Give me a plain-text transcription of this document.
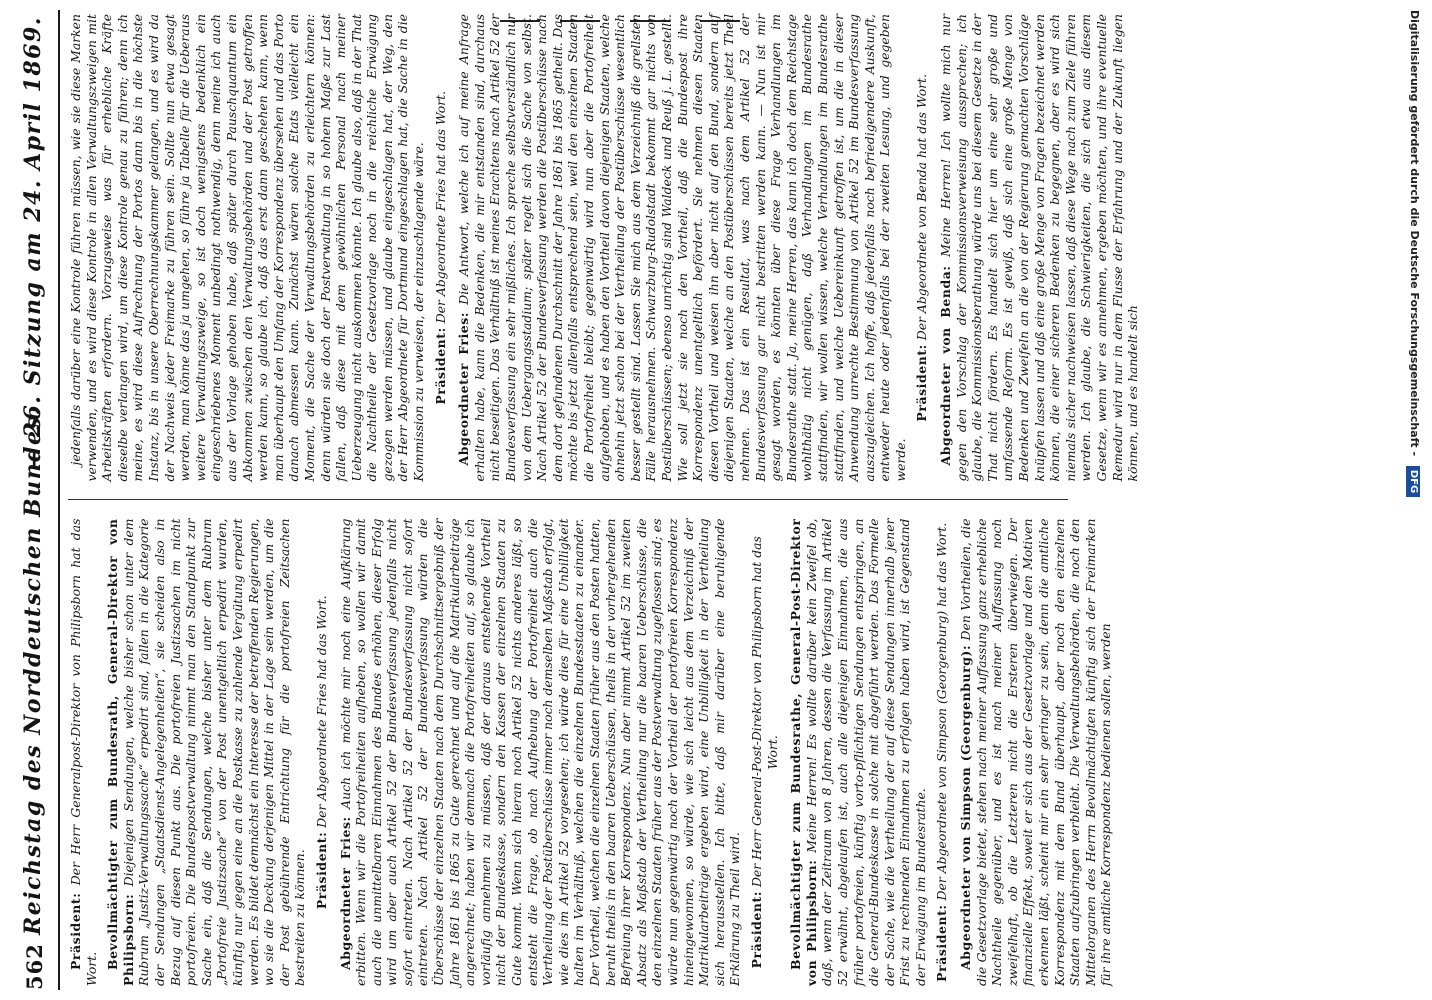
562
Reichstag des Norddeutschen Bundes.
— 26. Sitzung am 24. April 1869.

Präsident: Der Herr Generalpost-Direktor von Philipsborn hat das Wort. Bevollmächtigter zum Bundesrath, General-Direktor von Philipsborn: Diejenigen Sendungen, welche bisher schon unter dem Rubrum „Justiz-Verwaltungssache“ erpedirt sind, fallen in die Kategorie der Sendungen „Staatsdienst-Angelegenheiten“, sie scheiden also in Bezug auf diesen Punkt aus. Die portofreien Justizsachen im nicht portofreien. Die Bundespostverwaltung nimmt man den Standpunkt zur Sache ein, daß die Sendungen, welche bisher unter dem Rubrum „Portofreie Justizsache“ von der Post unentgeltlich erpedirt wurden, künftig nur gegen eine an die Postkasse zu zahlende Vergütung erpedirt werden. Es bildet demnächst ein Interesse der betreffenden Regierungen, wo sie die Deckung derjenigen Mittel in der Lage sein werden, um die der Post gebührende Entrichtung für die portofreien Zeitsachen bestreiten zu können. Präsident: Der Abgeordnete Fries hat das Wort.

Abgeordneter Fries: Auch ich möchte mir noch eine Aufklärung erbitten. Wenn wir die Portofreiheiten aufheben, so wollen wir damit auch die unmittelbaren Einnahmen des Bundes erhöhen, dieser Erfolg wird um aber auch Artikel 52 der Bundesverfassung jedenfalls nicht sofort eintreten. Nach Artikel 52 der Bundesverfassung nicht sofort eintreten. Nach Artikel 52 der Bundesverfassung würden die Überschüsse der einzelnen Staaten nach dem Durchschnittsergebniß der Jahre 1861 bis 1865 zu Gute gerechnet und auf die Matrikularbeiträge angerechnet; haben wir demnach die Portofreiheiten auf, so glaube ich vorläufig annehmen zu müssen, daß der daraus entstehende Vortheil nicht der Bundeskasse, sondern den Kassen der einzelnen Staaten zu Gute kommt. Wenn sich hieran noch Artikel 52 nichts anderes läßt, so entsteht die Frage, ob nach Aufhebung der Portofreiheit auch die Vertheilung der Postüberschüsse immer noch demselben Maßstab erfolgt, wie dies im Artikel 52 vorgesehen; ich würde dies für eine Unbilligkeit halten im Verhältniß, welchen die einzelnen Bundesstaaten zu einander. Der Vortheil, welchen die einzelnen Staaten früher aus den Posten hatten, beruht theils in den baaren Ueberschüssen, theils in der vorhergehenden Befreiung ihrer Korrespondenz. Nun aber nimmt Artikel 52 im zweiten Absatz als Maßstab der Vertheilung nur die baaren Ueberschüsse, die den einzelnen Staaten früher aus der Postverwaltung zugeflossen sind; es würde nun gegenwärtig noch der Vortheil der portofreien Korrespondenz hineingewonnen, so würde, wie sich leicht aus dem Verzeichniß der Matrikularbeiträge ergeben wird, eine Unbilligkeit in der Vertheilung sich herausstellen. Ich bitte, daß mir darüber eine beruhigende Erklärung zu Theil wird. Präsident: Der Herr General-Post-Direktor von Philipsborn hat das Wort. Bevollmächtigter zum Bundesrathe, General-Post-Direktor von Philipsborn: Meine Herren! Es wollte darüber kein Zweifel ob, daß, wenn der Zeitraum von 8 Jahren, dessen die Verfassung im Artikel 52 erwähnt, abgelaufen ist, auch alle diejenigen Einnahmen, die aus früher portofreien, künftig vorto-pflichtigen Sendungen entspringen, an die General-Bundeskasse in solche mit abgeführt werden. Das Formelle der Sache, wie die Vertheilung der auf diese Sendungen innerhalb jener Frist zu rechnenden Einnahmen zu erfolgen haben wird, ist Gegenstand der Erwägung im Bundesrathe. Präsident: Der Abgeordnete von Simpson (Georgenburg) hat das Wort. Abgeordneter von Simpson (Georgenburg): Den Vortheilen, die die Gesetzvorlage bietet, stehen nach meiner Auffassung ganz erhebliche Nachtheile gegenüber, und es ist nach meiner Auffassung noch zweifelhaft, ob die Letzteren nicht die Ersteren überwiegen. Der finanzielle Effekt, soweit er sich aus der Gesetzvorlage und den Motiven erkennen läßt, scheint mir ein sehr geringer zu sein, denn die amtliche Korrespondenz mit dem Bund überhaupt, aber noch den einzelnen Staaten aufzubringen verbleibt. Die Verwaltungsbehörden, die noch den Mittelorganen des Herrn Bevollmächtigten künftig sich der Freimarken für ihre amtliche Korrespondenz bedienen sollen, werden

jedenfalls darüber eine Kontrole führen müssen, wie sie diese Marken verwenden, und es wird diese Kontrole in allen Verwaltungszweigen mit Arbeitskräften erfordern. Vorzugsweise was für erhebliche Kräfte dieselbe verlangen wird, um diese Kontrole genau zu führen; denn ich meine, es wird diese Aufrechnung der Portos dann bis in die höchste Instanz, bis in unsere Oberrechnungskammer gelangen, und es wird da der Nachweis jeder Freimarke zu führen sein. Sollte nun etwa gesagt werden, man könne das ja umgehen, so führe ja Tabelle für die Ueberaus weitere Verwaltungszweige, so ist doch wenigstens bedenklich ein eingeschriebenes Moment unbedingt nothwendig, denn meine ich auch aus der Vorlage gehoben habe, daß später durch Pauschquantum ein Abkommen zwischen den Verwaltungsbehörden und der Post getroffen werden kann, so glaube ich, daß das erst dann geschehen kann, wenn man überhaupt den Umfang der Korrespondenz übersehen und das Porto danach abmessen kann. Zunächst wären solche Etats vielleicht ein Moment, die Sache der Verwaltungsbehörden zu erleichtern können: denn würden sie doch der Postverwaltung in so hohem Maße zur Last fallen, daß diese mit dem gewöhnlichen Personal nach meiner Ueberzeugung nicht auskommen könnte. Ich glaube also, daß in der That die Nachtheile der Gesetzvorlage noch in die reichliche Erwägung gezogen werden müssen, und glaube eingeschlagen hat, der Weg, den der Herr Abgeordnete für Dortmund eingeschlagen hat, die Sache in die Kommission zu verweisen, der einzuschlagende wäre. Präsident: Der Abgeordnete Fries hat das Wort.

Abgeordneter Fries: Die Antwort, welche ich auf meine Anfrage erhalten habe, kann die Bedenken, die mir entstanden sind, durchaus nicht beseitigen. Das Verhältniß ist meines Erachtens nach Artikel 52 der Bundesverfassung ein sehr mißliches. Ich spreche selbstverständlich nur von dem Uebergangsstadium; später regelt sich die Sache von selbst. Nach Artikel 52 der Bundesverfassung werden die Postüberschüsse nach dem dort gefundenen Durchschnitt der Jahre 1861 bis 1865 getheilt. Das möchte bis jetzt allenfalls entsprechend sein, weil den einzelnen Staaten die Portofreiheit bleibt; gegenwärtig wird nun aber die Portofreiheit aufgehoben, und es haben den Vortheil davon diejenigen Staaten, welche ohnehin jetzt schon bei der Vertheilung der Postüberschüsse wesentlich besser gestellt sind. Lassen Sie mich aus dem Verzeichniß die grellsten Fälle herausnehmen. Schwarzburg-Rudolstadt bekommt gar nichts von Postüberschüssen; ebenso unrichtig sind Waldeck und Reuß j. L. gestellt. Wie soll jetzt sie noch den Vortheil, daß die Bundespost ihre Korrespondenz unentgeltlich befördert. Sie nehmen diesen Staaten diesen Vortheil und weisen ihn aber nicht auf den Bund, sondern auf diejenigen Staaten, welche an den Postüberschüssen bereits jetzt Theil nehmen. Das ist ein Resultat, was nach dem Artikel 52 der Bundesverfassung gar nicht bestritten werden kann. — Nun ist mir gesagt worden, es könnten über diese Frage Verhandlungen im Bundesrathe statt. Ja, meine Herren, das kann ich doch dem Reichstage wohlthätig nicht genügen, daß Verhandlungen im Bundesrathe stattfinden, wir wollen wissen, welche Verhandlungen im Bundesrathe stattfinden, und welche Uebereinkunft getroffen ist, um die in dieser Anwendung unrechte Bestimmung von Artikel 52 im Bundesverfassung auszugleichen. Ich hoffe, daß jedenfalls noch befriedigendere Auskunft, entweder heute oder jedenfalls bei der zweiten Lesung, und gegeben werde.

Präsident: Der Abgeordnete von Benda hat das Wort.

Abgeordneter von Benda: Meine Herren! Ich wollte mich nur gegen den Vorschlag der Kommissionsverweisung aussprechen; ich glaube, die Kommissionsberathung würde uns bei diesem Gesetze in der That nicht fördern. Es handelt sich hier um eine sehr große und umfassende Reform. Es ist gewiß, daß sich eine große Menge von Bedenken und Zweifeln an die von der Regierung gemachten Vorschläge knüpfen lassen und daß eine große Menge von Fragen bezeichnet werden können, die einer sicheren Bedenken zu begegnen, aber es wird sich niemals sicher nachweisen lassen, daß diese Wege nach zum Ziele führen werden. Ich glaube, die Schwierigkeiten, die sich etwa aus diesem Gesetze, wenn wir es annehmen, ergeben möchten, und ihre eventuelle Remedur wird nur in dem Flusse der Erfahrung und der Zukunft liegen können, und es handelt sich	Digitalisierung gefördert durch die Deutsche Forschungsgemeinschaft - DFG
